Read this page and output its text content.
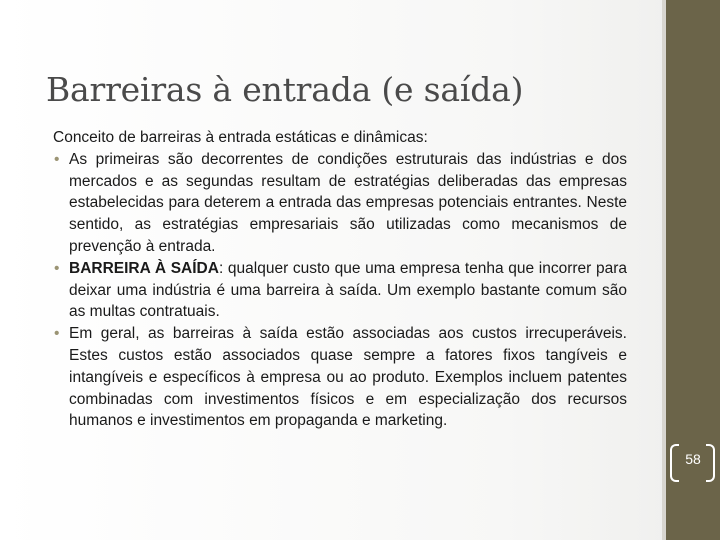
Barreiras à entrada (e saída)

Conceito de barreiras à entrada estáticas e dinâmicas:

• As primeiras são decorrentes de condições estruturais das indústrias e dos mercados e as segundas resultam de estratégias deliberadas das empresas estabelecidas para deterem a entrada das empresas potenciais entrantes. Neste sentido, as estratégias empresariais são utilizadas como mecanismos de prevenção à entrada.
• BARREIRA À SAÍDA: qualquer custo que uma empresa tenha que incorrer para deixar uma indústria é uma barreira à saída. Um exemplo bastante comum são as multas contratuais.
• Em geral, as barreiras à saída estão associadas aos custos irrecuperáveis. Estes custos estão associados quase sempre a fatores fixos tangíveis e intangíveis e específicos à empresa ou ao produto. Exemplos incluem patentes combinadas com investimentos físicos e em especialização dos recursos humanos e investimentos em propaganda e marketing.
58
